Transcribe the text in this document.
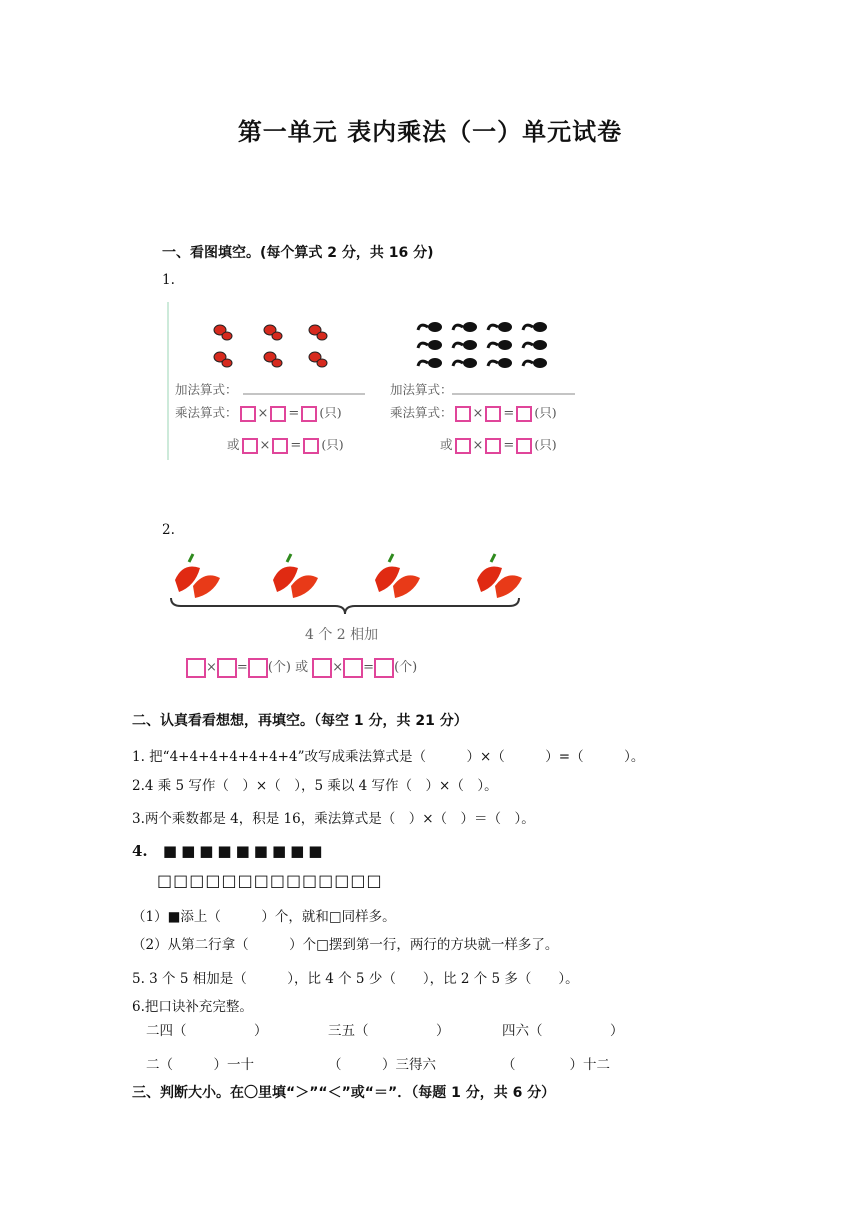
第一单元 表内乘法（一）单元试卷
一、看图填空。(每个算式 2 分，共 16 分)
1.
加法算式：
乘法算式： × = (只)
或 × = (只)
加法算式：
乘法算式： × = (只)
或 × = (只)
2.
4 个 2 相加
× = (个) 或 × = (个)
二、认真看看想想，再填空。（每空 1 分，共 21 分）
1. 把“4+4+4+4+4+4+4”改写成乘法算式是（　　　）×（　　　）=（　　　）。
2.4 乘 5 写作（　）×（　），5 乘以 4 写作（　）×（　）。
3.两个乘数都是 4，积是 16，乘法算式是（　）×（　）＝（　）。
4. ■■■■■■■■■
□□□□□□□□□□□□□□
（1）■添上（　　　）个，就和□同样多。
（2）从第二行拿（　　　）个□摆到第一行，两行的方块就一样多了。
5. 3 个 5 相加是（　　　），比 4 个 5 少（　　），比 2 个 5 多（　　）。
6.把口诀补充完整。
二四（　　　　　）	三五（　　　　　）	四六（　　　　　）
二（　　　）一十	（　　　）三得六	（　　　　）十二
三、判断大小。在〇里填“＞”“＜”或“＝”．（每题 1 分，共 6 分）
